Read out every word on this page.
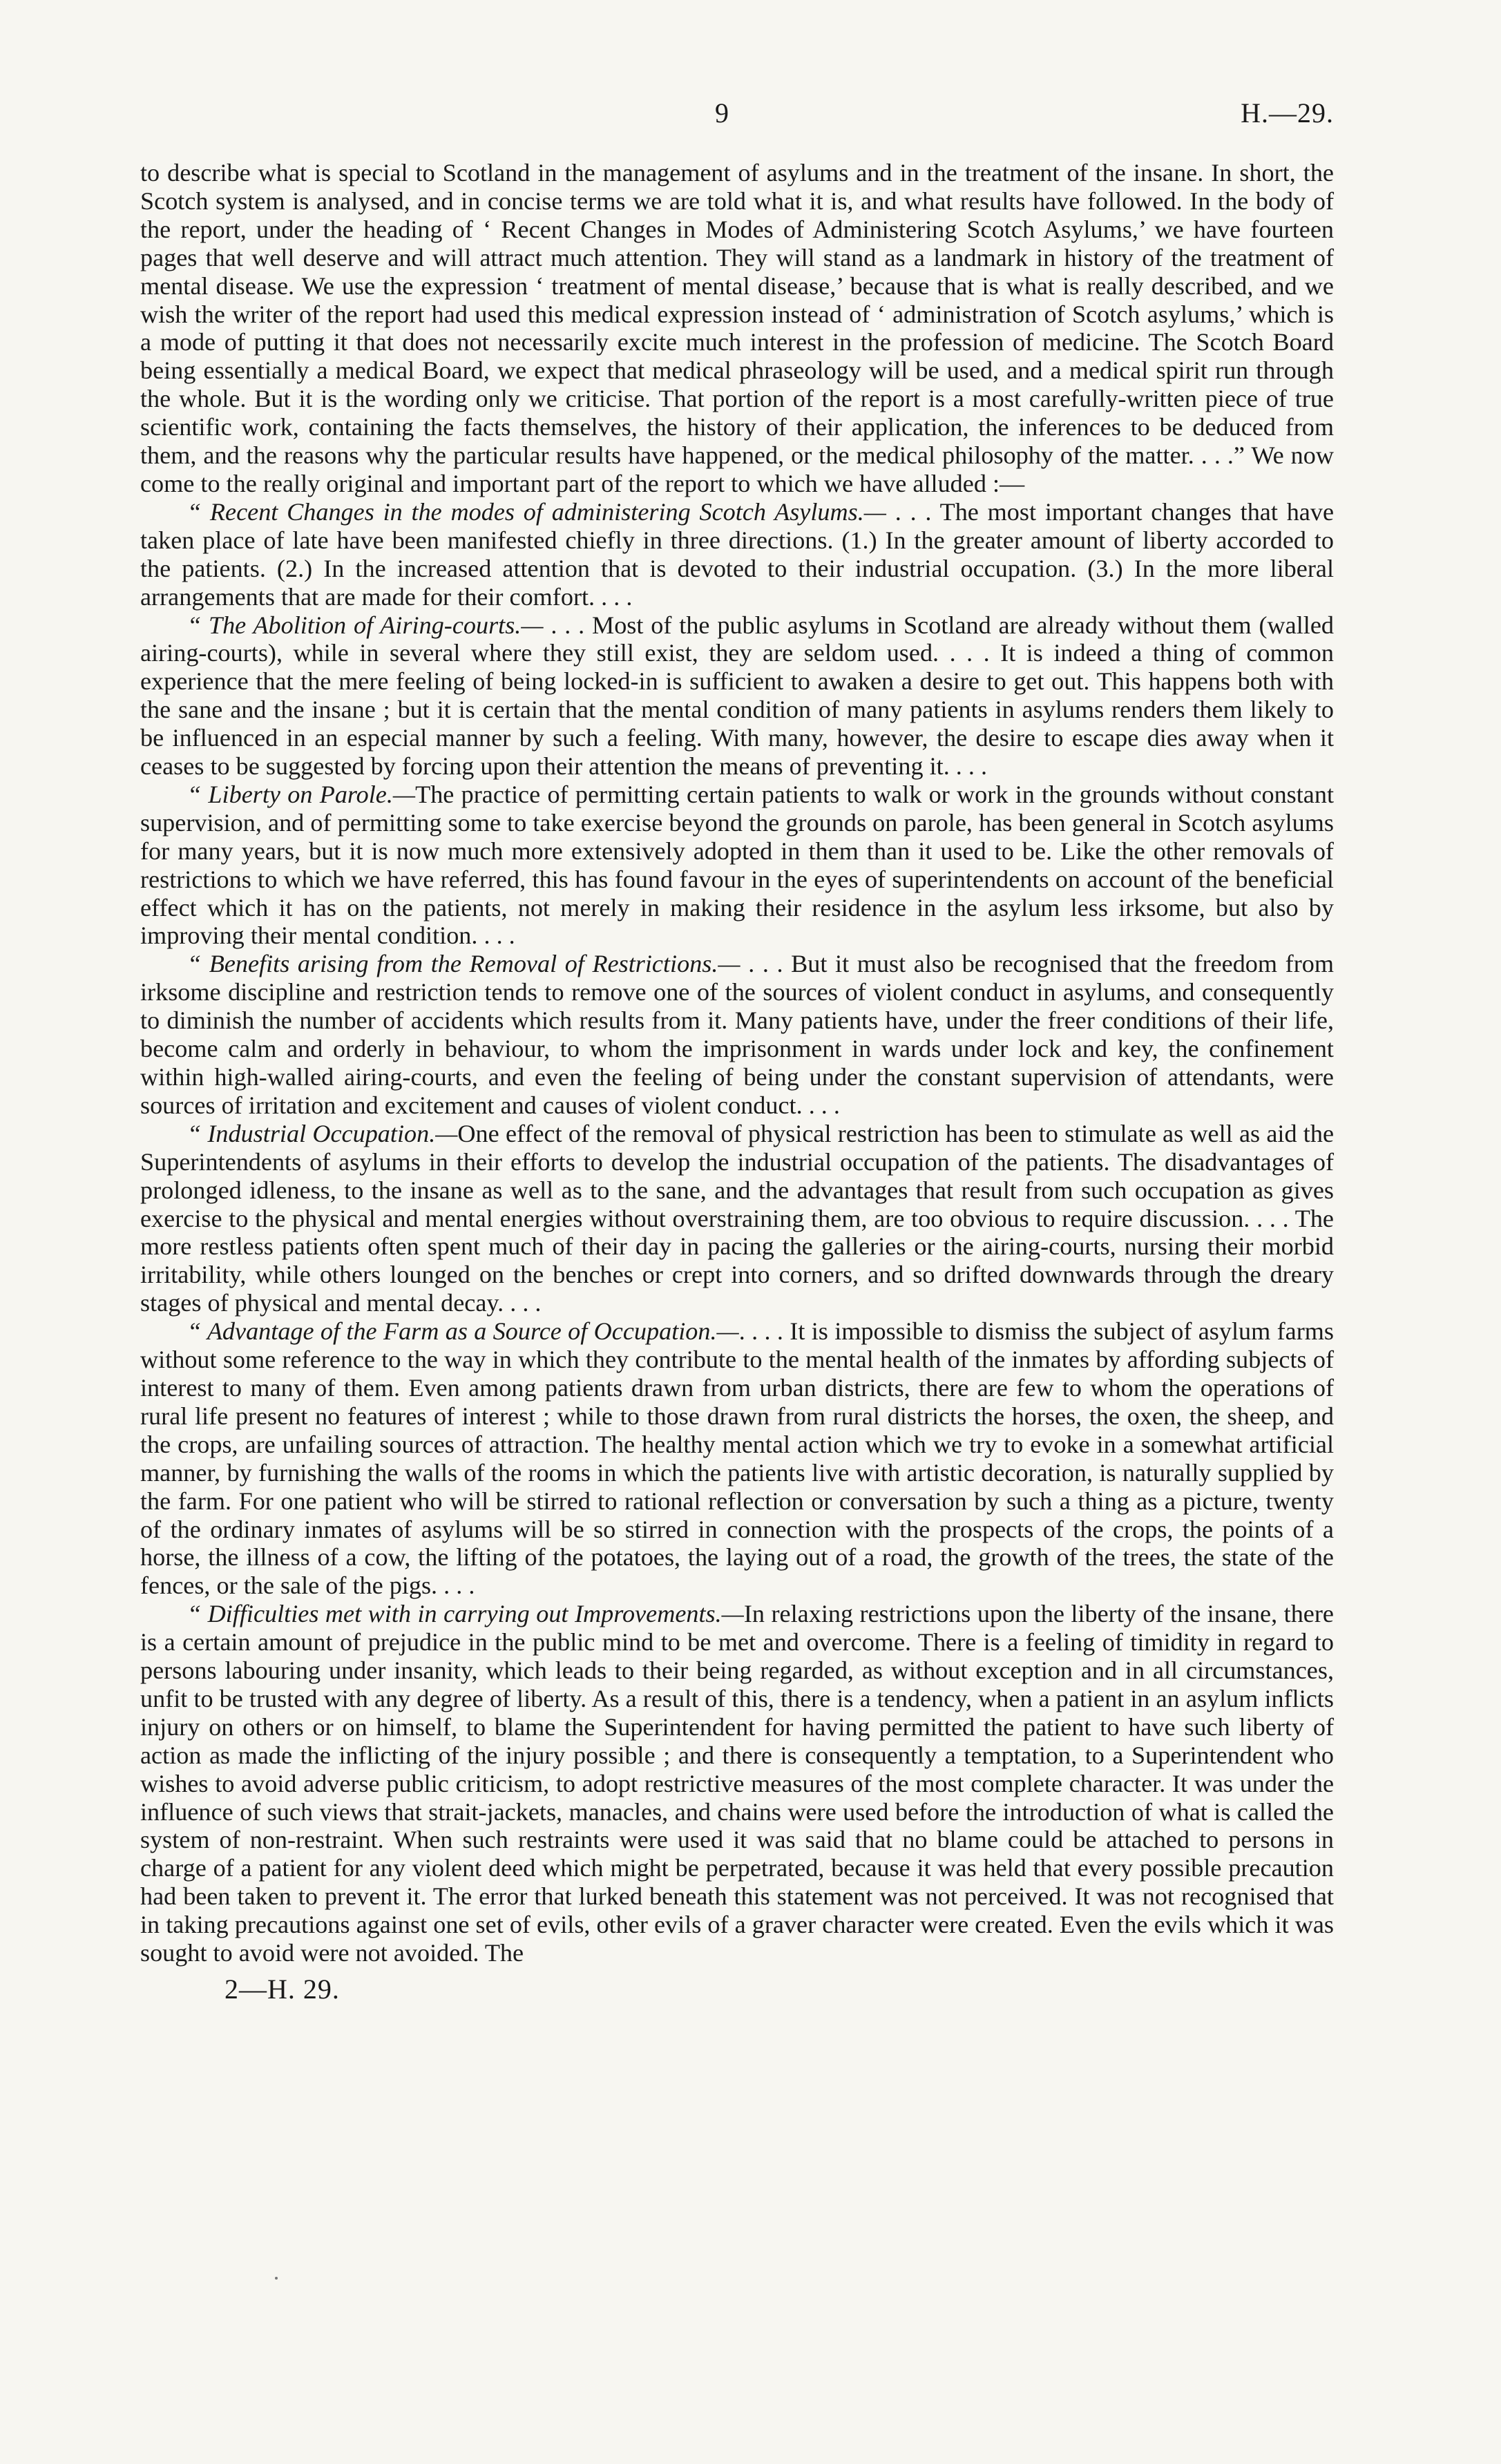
9	H.—29.

to describe what is special to Scotland in the management of asylums and in the treatment of the insane. In short, the Scotch system is analysed, and in concise terms we are told what it is, and what results have followed. In the body of the report, under the heading of ‘ Recent Changes in Modes of Administering Scotch Asylums,’ we have fourteen pages that well deserve and will attract much attention. They will stand as a landmark in history of the treatment of mental disease. We use the expression ‘ treatment of mental disease,’ because that is what is really described, and we wish the writer of the report had used this medical expression instead of ‘ administration of Scotch asylums,’ which is a mode of putting it that does not necessarily excite much interest in the profession of medicine. The Scotch Board being essentially a medical Board, we expect that medical phraseology will be used, and a medical spirit run through the whole. But it is the wording only we criticise. That portion of the report is a most carefully-written piece of true scientific work, containing the facts themselves, the history of their application, the inferences to be deduced from them, and the reasons why the particular results have happened, or the medical philosophy of the matter. . . .” We now come to the really original and important part of the report to which we have alluded :—

“ Recent Changes in the modes of administering Scotch Asylums.— . . . The most important changes that have taken place of late have been manifested chiefly in three directions. (1.) In the greater amount of liberty accorded to the patients. (2.) In the increased attention that is devoted to their industrial occupation. (3.) In the more liberal arrangements that are made for their comfort. . . .

“ The Abolition of Airing-courts.— . . . Most of the public asylums in Scotland are already without them (walled airing-courts), while in several where they still exist, they are seldom used. . . . It is indeed a thing of common experience that the mere feeling of being locked-in is sufficient to awaken a desire to get out. This happens both with the sane and the insane ; but it is certain that the mental condition of many patients in asylums renders them likely to be influenced in an especial manner by such a feeling. With many, however, the desire to escape dies away when it ceases to be suggested by forcing upon their attention the means of preventing it. . . .

“ Liberty on Parole.—The practice of permitting certain patients to walk or work in the grounds without constant supervision, and of permitting some to take exercise beyond the grounds on parole, has been general in Scotch asylums for many years, but it is now much more extensively adopted in them than it used to be. Like the other removals of restrictions to which we have referred, this has found favour in the eyes of superintendents on account of the beneficial effect which it has on the patients, not merely in making their residence in the asylum less irksome, but also by improving their mental condition. . . .

“ Benefits arising from the Removal of Restrictions.— . . . But it must also be recognised that the freedom from irksome discipline and restriction tends to remove one of the sources of violent conduct in asylums, and consequently to diminish the number of accidents which results from it. Many patients have, under the freer conditions of their life, become calm and orderly in behaviour, to whom the imprisonment in wards under lock and key, the confinement within high-walled airing-courts, and even the feeling of being under the constant supervision of attendants, were sources of irritation and excitement and causes of violent conduct. . . .

“ Industrial Occupation.—One effect of the removal of physical restriction has been to stimulate as well as aid the Superintendents of asylums in their efforts to develop the industrial occupation of the patients. The disadvantages of prolonged idleness, to the insane as well as to the sane, and the advantages that result from such occupation as gives exercise to the physical and mental energies without overstraining them, are too obvious to require discussion. . . . The more restless patients often spent much of their day in pacing the galleries or the airing-courts, nursing their morbid irritability, while others lounged on the benches or crept into corners, and so drifted downwards through the dreary stages of physical and mental decay. . . .

“ Advantage of the Farm as a Source of Occupation.—. . . . It is impossible to dismiss the subject of asylum farms without some reference to the way in which they contribute to the mental health of the inmates by affording subjects of interest to many of them. Even among patients drawn from urban districts, there are few to whom the operations of rural life present no features of interest ; while to those drawn from rural districts the horses, the oxen, the sheep, and the crops, are unfailing sources of attraction. The healthy mental action which we try to evoke in a somewhat artificial manner, by furnishing the walls of the rooms in which the patients live with artistic decoration, is naturally supplied by the farm. For one patient who will be stirred to rational reflection or conversation by such a thing as a picture, twenty of the ordinary inmates of asylums will be so stirred in connection with the prospects of the crops, the points of a horse, the illness of a cow, the lifting of the potatoes, the laying out of a road, the growth of the trees, the state of the fences, or the sale of the pigs. . . .

“ Difficulties met with in carrying out Improvements.—In relaxing restrictions upon the liberty of the insane, there is a certain amount of prejudice in the public mind to be met and overcome. There is a feeling of timidity in regard to persons labouring under insanity, which leads to their being regarded, as without exception and in all circumstances, unfit to be trusted with any degree of liberty. As a result of this, there is a tendency, when a patient in an asylum inflicts injury on others or on himself, to blame the Superintendent for having permitted the patient to have such liberty of action as made the inflicting of the injury possible ; and there is consequently a temptation, to a Superintendent who wishes to avoid adverse public criticism, to adopt restrictive measures of the most complete character. It was under the influence of such views that strait-jackets, manacles, and chains were used before the introduction of what is called the system of non-restraint. When such restraints were used it was said that no blame could be attached to persons in charge of a patient for any violent deed which might be perpetrated, because it was held that every possible precaution had been taken to prevent it. The error that lurked beneath this statement was not perceived. It was not recognised that in taking precautions against one set of evils, other evils of a graver character were created. Even the evils which it was sought to avoid were not avoided. The

2—H. 29.
